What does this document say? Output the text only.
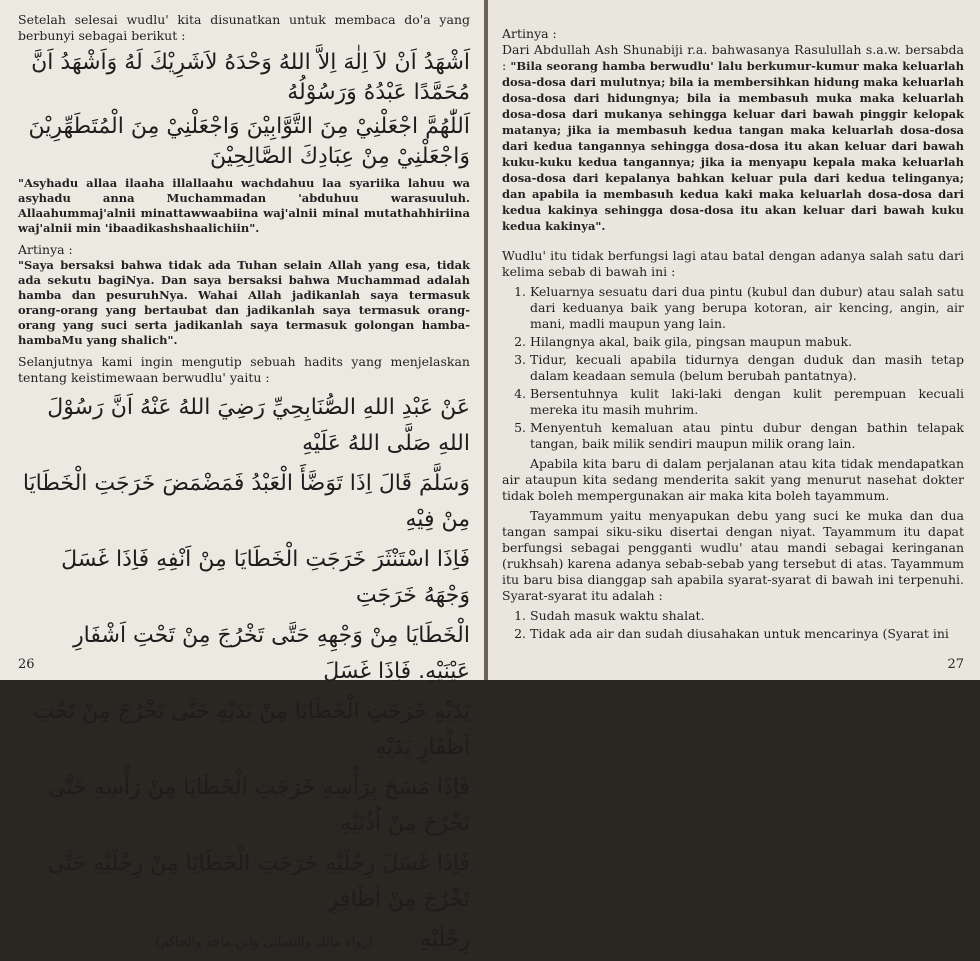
Setelah selesai wudlu' kita disunatkan untuk membaca do'a yang berbunyi sebagai berikut :

اَشْهَدُ اَنْ لاَ اِلٰهَ اِلاَّ اللهُ وَحْدَهُ لاَشَرِيْكَ لَهُ وَاَشْهَدُ اَنَّ مُحَمَّدًا عَبْدُهُ وَرَسُوْلُهُ

اَللّٰهُمَّ اجْعَلْنِيْ مِنَ التَّوَّابِيْنَ وَاجْعَلْنِيْ مِنَ الْمُتَطَهِّرِيْنَ وَاجْعَلْنِيْ مِنْ عِبَادِكَ الصَّالِحِيْنَ

"Asyhadu allaa ilaaha illallaahu wachdahuu laa syariika lahuu wa asyhadu anna Muchammadan 'abduhuu warasuuluh. Allaahummaj'alnii minattawwaabiina waj'alnii minal mutathahhiriina waj'alnii min 'ibaadikashshaalichiin".

Artinya :

"Saya bersaksi bahwa tidak ada Tuhan selain Allah yang esa, tidak ada sekutu bagiNya. Dan saya bersaksi bahwa Muchammad adalah hamba dan pesuruhNya. Wahai Allah jadikanlah saya termasuk orang-orang yang bertaubat dan jadikanlah saya termasuk orang-orang yang suci serta jadikanlah saya termasuk golongan hamba-hambaMu yang shalich".

Selanjutnya kami ingin mengutip sebuah hadits yang menjelaskan tentang keistimewaan berwudlu' yaitu :

عَنْ عَبْدِ اللهِ الصُّنَابِحِيِّ رَضِيَ اللهُ عَنْهُ اَنَّ رَسُوْلَ اللهِ صَلَّى اللهُ عَلَيْهِ

وَسَلَّمَ قَالَ اِذَا تَوَضَّأَ الْعَبْدُ فَمَضْمَضَ خَرَجَتِ الْخَطَايَا مِنْ فِيْهِ

فَاِذَا اسْتَنْثَرَ خَرَجَتِ الْخَطَايَا مِنْ اَنْفِهِ فَاِذَا غَسَلَ وَجْهَهُ خَرَجَتِ

الْخَطَايَا مِنْ وَجْهِهِ حَتَّى تَخْرُجَ مِنْ تَحْتِ اَشْفَارِ عَيْنَيْهِ. فَاِذَا غَسَلَ

يَدَيْهِ خَرَجَتِ الْخَطَايَا مِنْ يَدَيْهِ حَتَّى تَخْرُجَ مِنْ تَحْتِ اَظْفَارِ يَدَيْهِ

فَاِذَا مَسَحَ بِرَأْسِهِ خَرَجَتِ الْخَطَايَا مِنْ رَأْسِهِ حَتَّى تَخْرُجَ مِنْ اُذُنَيْهِ

فَاِذَا غَسَلَ رِجْلَيْهِ خَرَجَتِ الْخَطَايَا مِنْ رِجْلَيْهِ حَتَّى تَخْرُجَ مِنْ اَظَافِرِ

رِجْلَيْهِ (رواه مالك والنسائى وابن ماجه والحاكم)

26

Artinya :

Dari Abdullah Ash Shunabiji r.a. bahwasanya Rasulullah s.a.w. bersabda : "Bila seorang hamba berwudlu' lalu berkumur-kumur maka keluarlah dosa-dosa dari mulutnya; bila ia membersihkan hidung maka keluarlah dosa-dosa dari hidungnya; bila ia membasuh muka maka keluarlah dosa-dosa dari mukanya sehingga keluar dari bawah pinggir kelopak matanya; jika ia membasuh kedua tangan maka keluarlah dosa-dosa dari kedua tangannya sehingga dosa-dosa itu akan keluar dari bawah kuku-kuku kedua tangannya; jika ia menyapu kepala maka keluarlah dosa-dosa dari kepalanya bahkan keluar pula dari kedua telinganya; dan apabila ia membasuh kedua kaki maka keluarlah dosa-dosa dari kedua kakinya sehingga dosa-dosa itu akan keluar dari bawah kuku kedua kakinya".

Wudlu' itu tidak berfungsi lagi atau batal dengan adanya salah satu dari kelima sebab di bawah ini :

1. Keluarnya sesuatu dari dua pintu (kubul dan dubur) atau salah satu dari keduanya baik yang berupa kotoran, air kencing, angin, air mani, madli maupun yang lain.
2. Hilangnya akal, baik gila, pingsan maupun mabuk.
3. Tidur, kecuali apabila tidurnya dengan duduk dan masih tetap dalam keadaan semula (belum berubah pantatnya).
4. Bersentuhnya kulit laki-laki dengan kulit perempuan kecuali mereka itu masih muhrim.
5. Menyentuh kemaluan atau pintu dubur dengan bathin telapak tangan, baik milik sendiri maupun milik orang lain.

Apabila kita baru di dalam perjalanan atau kita tidak mendapatkan air ataupun kita sedang menderita sakit yang menurut nasehat dokter tidak boleh mempergunakan air maka kita boleh tayammum.

Tayammum yaitu menyapukan debu yang suci ke muka dan dua tangan sampai siku-siku disertai dengan niyat. Tayammum itu dapat berfungsi sebagai pengganti wudlu' atau mandi sebagai keringanan (rukhsah) karena adanya sebab-sebab yang tersebut di atas. Tayammum itu baru bisa dianggap sah apabila syarat-syarat di bawah ini terpenuhi. Syarat-syarat itu adalah :

1. Sudah masuk waktu shalat.
2. Tidak ada air dan sudah diusahakan untuk mencarinya (Syarat ini
27
